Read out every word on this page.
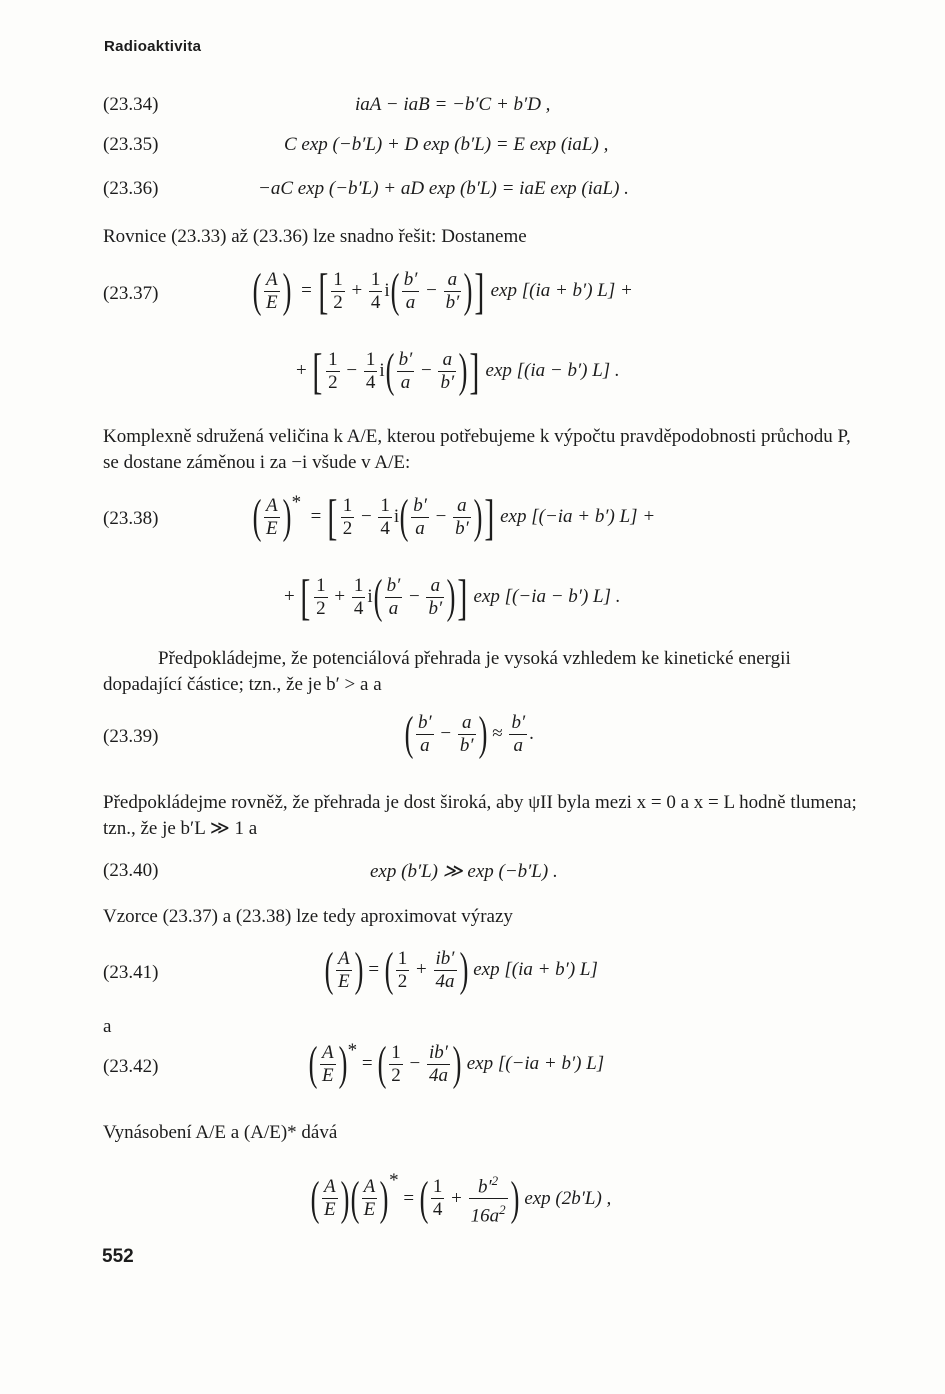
Radioaktivita
(23.34)	iaA − iaB = −b′C + b′D ,
(23.35)	C exp (−b′L) + D exp (b′L) = E exp (iaL) ,
(23.36)	−aC exp (−b′L) + aD exp (b′L) = iaE exp (iaL) .
Rovnice (23.33) až (23.36) lze snadno řešit: Dostaneme
(23.37) ( $\frac{A}{E}$ )  = [ $\frac{1}{2} + \frac{1}{4} i( \frac{b'}{a} - \frac{a}{b'}$ )] exp [(ia + b′) L] +
+ [ $\frac{1}{2} - \frac{1}{4} i( \frac{b'}{a} - \frac{a}{b'}$ )] exp [(ia − b′) L] .
Komplexně sdružená veličina k A/E, kterou potřebujeme k výpočtu pravděpodobnosti průchodu P, se dostane záměnou i za −i všude v A/E:
(23.38) ( $\frac{A}{E}$ )*  = [ $\frac{1}{2} - \frac{1}{4} i( \frac{b'}{a} - \frac{a}{b'}$ )] exp [(−ia + b′) L] +
+ [ $\frac{1}{2} + \frac{1}{4} i( \frac{b'}{a} - \frac{a}{b'}$ )] exp [(−ia − b′) L] .
Předpokládejme, že potenciálová přehrada je vysoká vzhledem ke kinetické energii dopadající částice; tzn., že je b′ > a a
(23.39)	( $\frac{b'}{a} - \frac{a}{b'}$ ) ≈ $\frac{b'}{a}$ .
Předpokládejme rovněž, že přehrada je dost široká, aby ψII byla mezi x = 0 a x = L hodně tlumena; tzn., že je b′L ≫ 1 a
(23.40)	exp (b′L) ≫ exp (−b′L) .
Vzorce (23.37) a (23.38) lze tedy aproximovat výrazy
(23.41)	( $\frac{A}{E}$ ) = ( $\frac{1}{2} + \frac{ib'}{4a}$ ) exp [(ia + b′) L]
a
(23.42)	( $\frac{A}{E}$ )* = ( $\frac{1}{2} - \frac{ib'}{4a}$ ) exp [(−ia + b′) L]
Vynásobení A/E a (A/E)* dává
( $\frac{A}{E}$ )( $\frac{A}{E}$ )* = ( $\frac{1}{4} + \frac{b'^2}{16a^2}$ ) exp (2b′L) ,
552
